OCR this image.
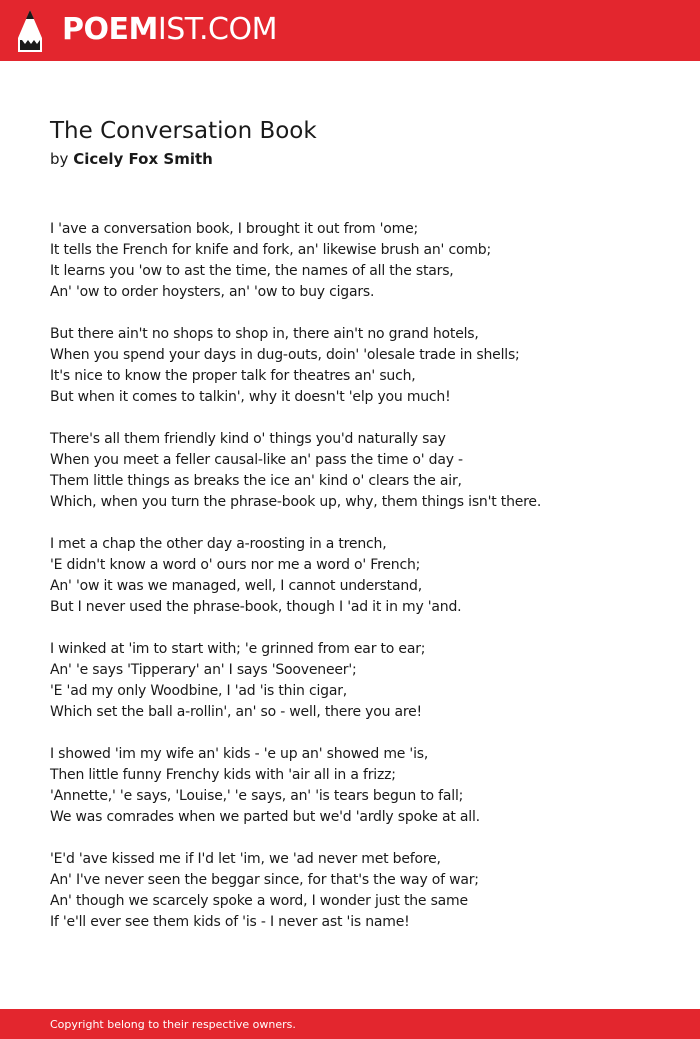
POEMIST.COM
The Conversation Book
by Cicely Fox Smith
I 'ave a conversation book, I brought it out from 'ome;
It tells the French for knife and fork, an' likewise brush an' comb;
It learns you 'ow to ast the time, the names of all the stars,
An' 'ow to order hoysters, an' 'ow to buy cigars.
But there ain't no shops to shop in, there ain't no grand hotels,
When you spend your days in dug-outs, doin' 'olesale trade in shells;
It's nice to know the proper talk for theatres an' such,
But when it comes to talkin', why it doesn't 'elp you much!
There's all them friendly kind o' things you'd naturally say
When you meet a feller causal-like an' pass the time o' day -
Them little things as breaks the ice an' kind o' clears the air,
Which, when you turn the phrase-book up, why, them things isn't there.
I met a chap the other day a-roosting in a trench,
'E didn't know a word o' ours nor me a word o' French;
An' 'ow it was we managed, well, I cannot understand,
But I never used the phrase-book, though I 'ad it in my 'and.
I winked at 'im to start with; 'e grinned from ear to ear;
An' 'e says 'Tipperary' an' I says 'Sooveneer';
'E 'ad my only Woodbine, I 'ad 'is thin cigar,
Which set the ball a-rollin', an' so - well, there you are!
I showed 'im my wife an' kids - 'e up an' showed me 'is,
Then little funny Frenchy kids with 'air all in a frizz;
'Annette,' 'e says, 'Louise,' 'e says, an' 'is tears begun to fall;
We was comrades when we parted but we'd 'ardly spoke at all.
'E'd 'ave kissed me if I'd let 'im, we 'ad never met before,
An' I've never seen the beggar since, for that's the way of war;
An' though we scarcely spoke a word, I wonder just the same
If 'e'll ever see them kids of 'is - I never ast 'is name!
Copyright belong to their respective owners.
